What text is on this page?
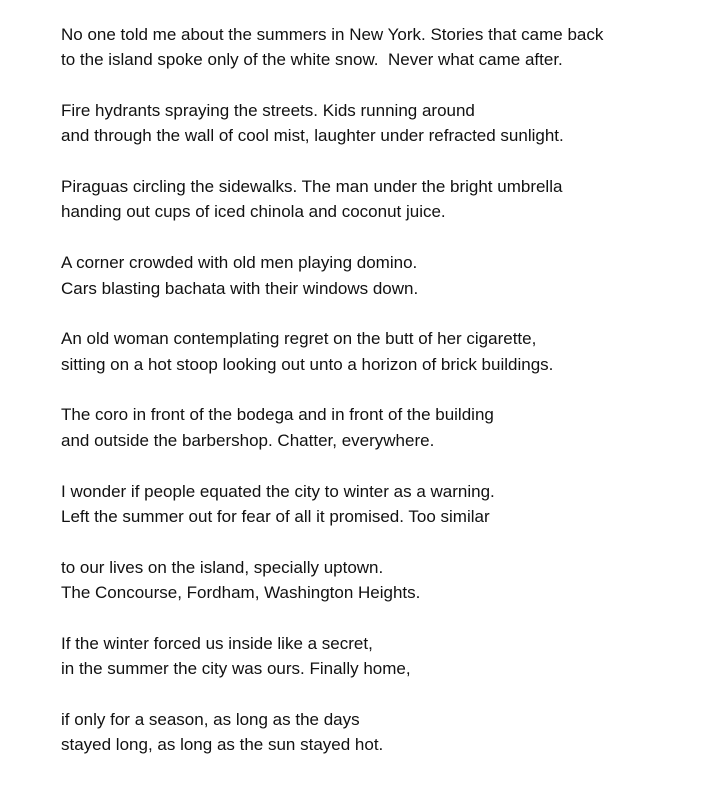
No one told me about the summers in New York. Stories that came back
to the island spoke only of the white snow.  Never what came after.
Fire hydrants spraying the streets. Kids running around
and through the wall of cool mist, laughter under refracted sunlight.
Piraguas circling the sidewalks. The man under the bright umbrella
handing out cups of iced chinola and coconut juice.
A corner crowded with old men playing domino.
Cars blasting bachata with their windows down.
An old woman contemplating regret on the butt of her cigarette,
sitting on a hot stoop looking out unto a horizon of brick buildings.
The coro in front of the bodega and in front of the building
and outside the barbershop. Chatter, everywhere.
I wonder if people equated the city to winter as a warning.
Left the summer out for fear of all it promised. Too similar
to our lives on the island, specially uptown.
The Concourse, Fordham, Washington Heights.
If the winter forced us inside like a secret,
in the summer the city was ours. Finally home,
if only for a season, as long as the days
stayed long, as long as the sun stayed hot.
